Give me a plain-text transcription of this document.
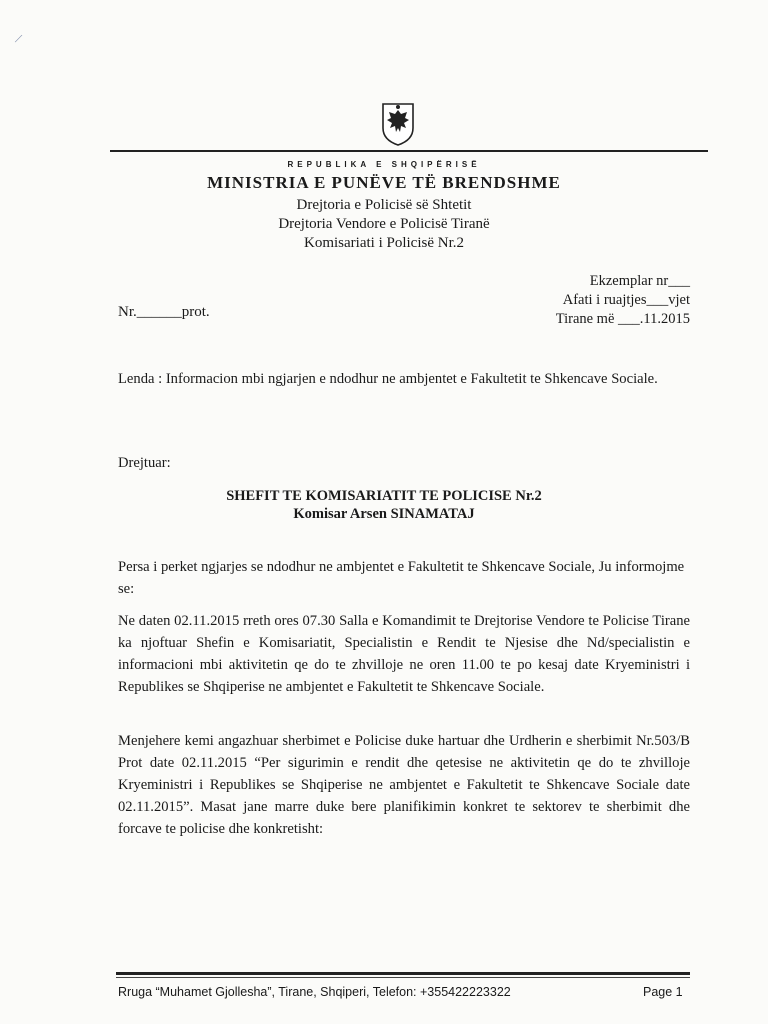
/
REPUBLIKA E SHQIPËRISË
MINISTRIA E PUNËVE TË BRENDSHME
Drejtoria e Policisë së Shtetit
Drejtoria Vendore e Policisë Tiranë
Komisariati i Policisë Nr.2
Ekzemplar nr___
Afati i ruajtjes___vjet
Tirane më ___.11.2015
Nr.______prot.
Lenda : Informacion mbi ngjarjen e ndodhur ne ambjentet e Fakultetit te Shkencave Sociale.
Drejtuar:
SHEFIT TE KOMISARIATIT TE POLICISE Nr.2
Komisar Arsen SINAMATAJ
Persa i perket ngjarjes se ndodhur ne ambjentet e Fakultetit te Shkencave Sociale, Ju informojme se:
Ne daten 02.11.2015 rreth ores 07.30 Salla e Komandimit te Drejtorise Vendore te Policise Tirane ka njoftuar Shefin e Komisariatit, Specialistin e Rendit te Njesise dhe Nd/specialistin e informacioni mbi aktivitetin qe do te zhvilloje ne oren 11.00 te po kesaj date Kryeministri i Republikes se Shqiperise ne ambjentet e Fakultetit te Shkencave Sociale.
Menjehere kemi angazhuar sherbimet e Policise duke hartuar dhe Urdherin e sherbimit Nr.503/B Prot date 02.11.2015 “Per sigurimin e rendit dhe qetesise ne aktivitetin qe do te zhvilloje Kryeministri i Republikes se Shqiperise ne ambjentet e Fakultetit te Shkencave Sociale date 02.11.2015”. Masat jane marre duke bere planifikimin konkret te sektorev te sherbimit dhe forcave te policise dhe konkretisht:
Rruga “Muhamet Gjollesha”, Tirane, Shqiperi, Telefon: +355422223322	Page 1
